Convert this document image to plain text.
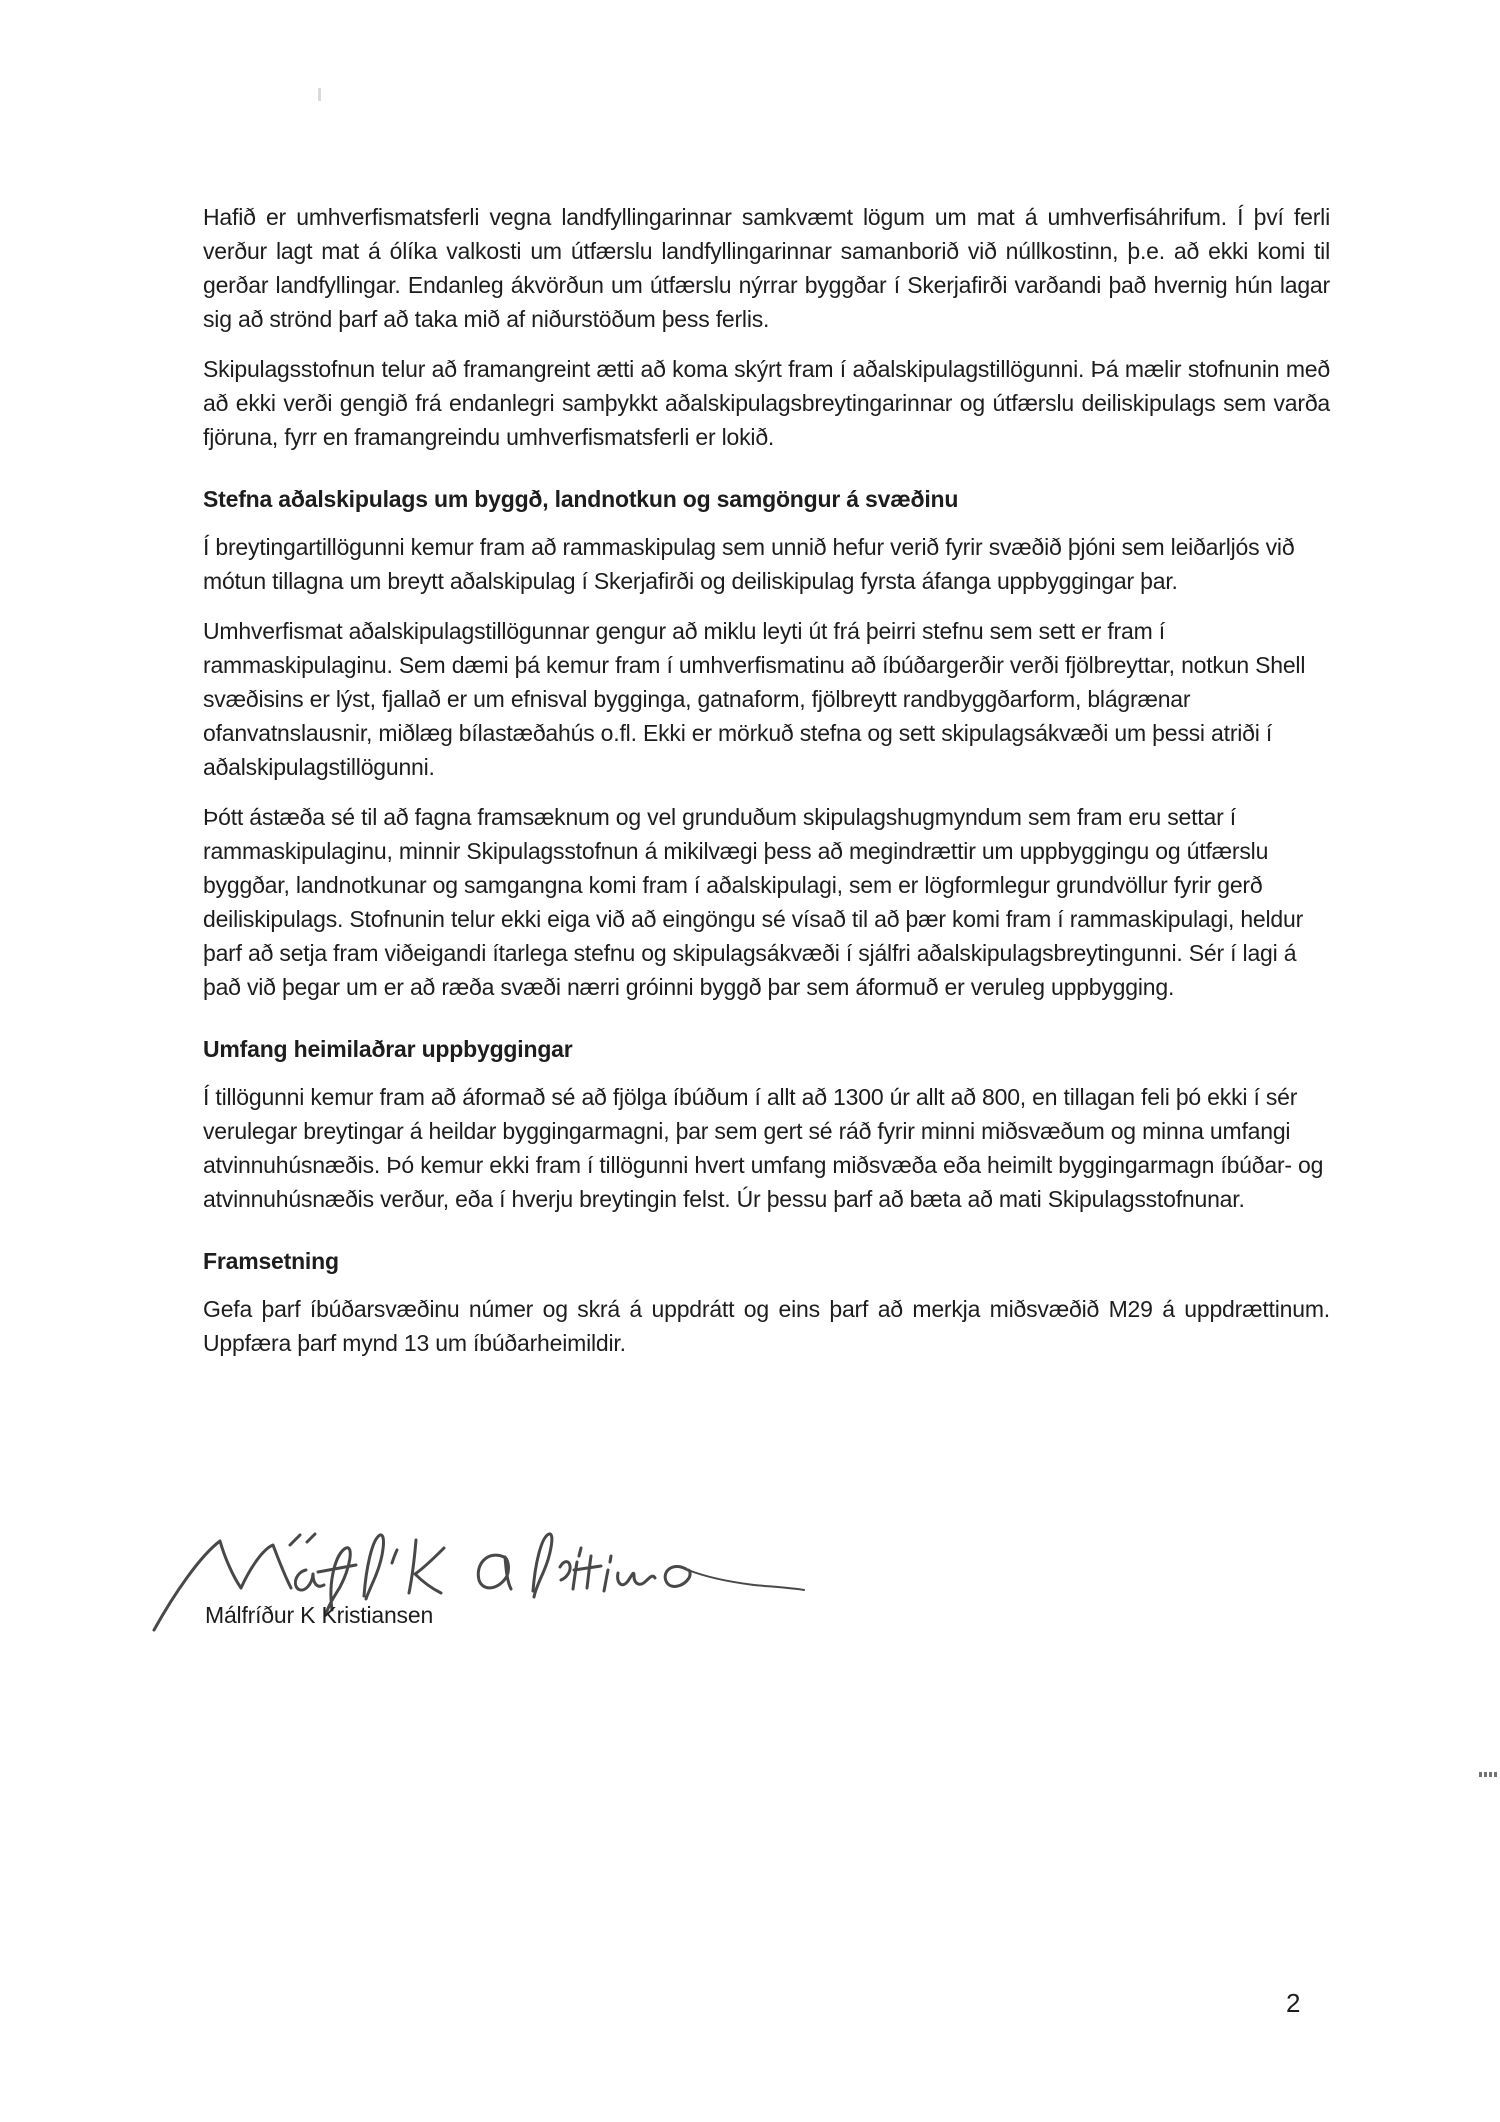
Hafið er umhverfismatsferli vegna landfyllingarinnar samkvæmt lögum um mat á umhverfisáhrifum. Í því ferli verður lagt mat á ólíka valkosti um útfærslu landfyllingarinnar samanborið við núllkostinn, þ.e. að ekki komi til gerðar landfyllingar. Endanleg ákvörðun um útfærslu nýrrar byggðar í Skerjafirði varðandi það hvernig hún lagar sig að strönd þarf að taka mið af niðurstöðum þess ferlis.

Skipulagsstofnun telur að framangreint ætti að koma skýrt fram í aðalskipulagstillögunni. Þá mælir stofnunin með að ekki verði gengið frá endanlegri samþykkt aðalskipulagsbreytingarinnar og útfærslu deiliskipulags sem varða fjöruna, fyrr en framangreindu umhverfismatsferli er lokið.

Stefna aðalskipulags um byggð, landnotkun og samgöngur á svæðinu

Í breytingartillögunni kemur fram að rammaskipulag sem unnið hefur verið fyrir svæðið þjóni sem leiðarljós við mótun tillagna um breytt aðalskipulag í Skerjafirði og deiliskipulag fyrsta áfanga uppbyggingar þar.

Umhverfismat aðalskipulagstillögunnar gengur að miklu leyti út frá þeirri stefnu sem sett er fram í rammaskipulaginu. Sem dæmi þá kemur fram í umhverfismatinu að íbúðargerðir verði fjölbreyttar, notkun Shell svæðisins er lýst, fjallað er um efnisval bygginga, gatnaform, fjölbreytt randbyggðarform, blágrænar ofanvatnslausnir, miðlæg bílastæðahús o.fl. Ekki er mörkuð stefna og sett skipulagsákvæði um þessi atriði í aðalskipulagstillögunni.

Þótt ástæða sé til að fagna framsæknum og vel grunduðum skipulagshugmyndum sem fram eru settar í rammaskipulaginu, minnir Skipulagsstofnun á mikilvægi þess að megindrættir um uppbyggingu og útfærslu byggðar, landnotkunar og samgangna komi fram í aðalskipulagi, sem er lögformlegur grundvöllur fyrir gerð deiliskipulags. Stofnunin telur ekki eiga við að eingöngu sé vísað til að þær komi fram í rammaskipulagi, heldur þarf að setja fram viðeigandi ítarlega stefnu og skipulagsákvæði í sjálfri aðalskipulagsbreytingunni. Sér í lagi á það við þegar um er að ræða svæði nærri gróinni byggð þar sem áformuð er veruleg uppbygging.

Umfang heimilaðrar uppbyggingar

Í tillögunni kemur fram að áformað sé að fjölga íbúðum í allt að 1300 úr allt að 800, en tillagan feli þó ekki í sér verulegar breytingar á heildar byggingarmagni, þar sem gert sé ráð fyrir minni miðsvæðum og minna umfangi atvinnuhúsnæðis. Þó kemur ekki fram í tillögunni hvert umfang miðsvæða eða heimilt byggingarmagn íbúðar- og atvinnuhúsnæðis verður, eða í hverju breytingin felst. Úr þessu þarf að bæta að mati Skipulagsstofnunar.

Framsetning

Gefa þarf íbúðarsvæðinu númer og skrá á uppdrátt og eins þarf að merkja miðsvæðið M29 á uppdrættinum. Uppfæra þarf mynd 13 um íbúðarheimildir.

Málfríður K Kristiansen
2
